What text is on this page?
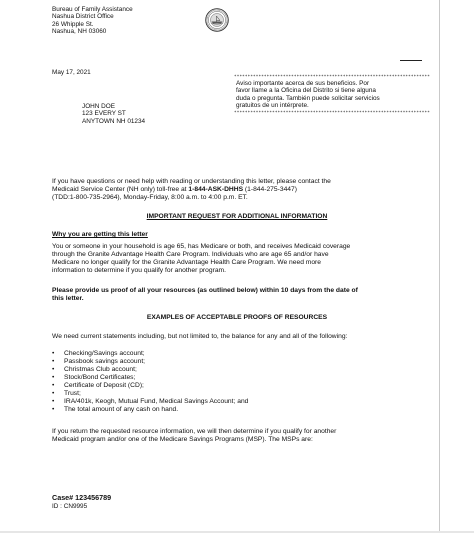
Bureau of Family Assistance
Nashua District Office
26 Whipple St.
Nashua, NH 03060
May 17, 2021
************************************************************************
Aviso importante acerca de sus beneficios. Por
favor llame a la Oficina del Distrito si tiene alguna
duda o pregunta. También puede solicitar servicios
gratuitos de un intérprete.
************************************************************************
JOHN DOE
123 EVERY ST
ANYTOWN NH 01234
If you have questions or need help with reading or understanding this letter, please contact the
Medicaid Service Center (NH only) toll-free at 1-844-ASK-DHHS (1-844-275-3447)
(TDD:1-800-735-2964), Monday-Friday, 8:00 a.m. to 4:00 p.m. ET.
IMPORTANT REQUEST FOR ADDITIONAL INFORMATION
Why you are getting this letter
You or someone in your household is age 65, has Medicare or both, and receives Medicaid coverage
through the Granite Advantage Health Care Program. Individuals who are age 65 and/or have
Medicare no longer qualify for the Granite Advantage Health Care Program. We need more
information to determine if you qualify for another program.
Please provide us proof of all your resources (as outlined below) within 10 days from the date of
this letter.
EXAMPLES OF ACCEPTABLE PROOFS OF RESOURCES
We need current statements including, but not limited to, the balance for any and all of the following:
• Checking/Savings account;
• Passbook savings account;
• Christmas Club account;
• Stock/Bond Certificates;
• Certificate of Deposit (CD);
• Trust;
• IRA/401k, Keogh, Mutual Fund, Medical Savings Account; and
• The total amount of any cash on hand.
If you return the requested resource information, we will then determine if you qualify for another
Medicaid program and/or one of the Medicare Savings Programs (MSP). The MSPs are:
Case# 123456789
ID : CN9995
